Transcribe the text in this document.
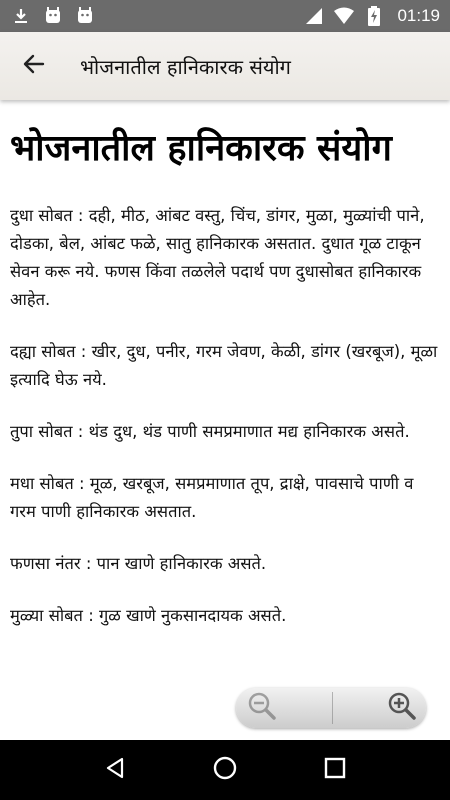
01:19
भोजनातील हानिकारक संयोग
भोजनातील हानिकारक संयोग

दुधा सोबत : दही, मीठ, आंबट वस्तु, चिंच, डांगर, मुळा, मुळ्यांची पाने, दोडका, बेल, आंबट फळे, सातु हानिकारक असतात. दुधात गूळ टाकून सेवन करू नये. फणस किंवा तळलेले पदार्थ पण दुधासोबत हानिकारक आहेत.

दह्या सोबत : खीर, दुध, पनीर, गरम जेवण, केळी, डांगर (खरबूज), मूळा इत्यादि घेऊ नये.

तुपा सोबत : थंड दुध, थंड पाणी समप्रमाणात मद्य हानिकारक असते.

मधा सोबत : मूळ, खरबूज, समप्रमाणात तूप, द्राक्षे, पावसाचे पाणी व गरम पाणी हानिकारक असतात.

फणसा नंतर : पान खाणे हानिकारक असते.

मुळ्या सोबत : गुळ खाणे नुकसानदायक असते.
